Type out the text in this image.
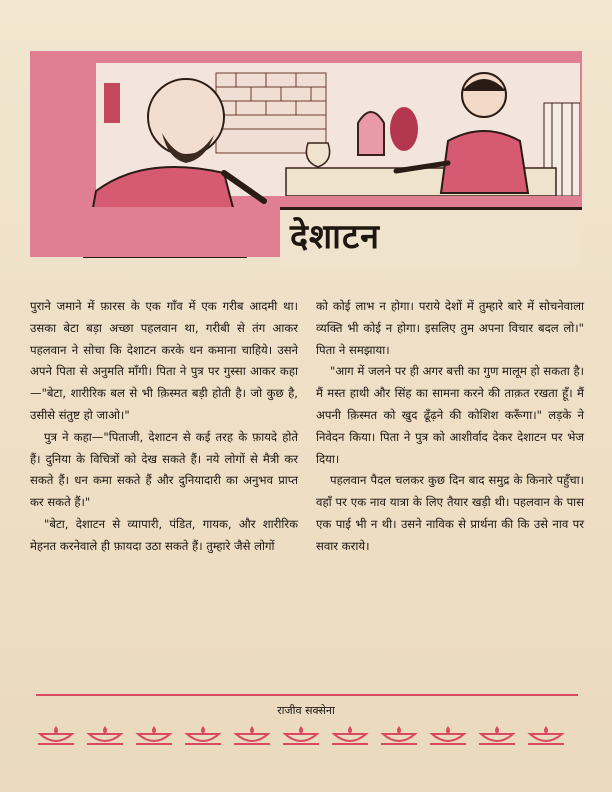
देशाटन

पुराने जमाने में फ़ारस के एक गाँव में एक गरीब आदमी था। उसका बेटा बड़ा अच्छा पहलवान था, गरीबी से तंग आकर पहलवान ने सोचा कि देशाटन करके धन कमाना चाहिये। उसने अपने पिता से अनुमति माँगी। पिता ने पुत्र पर गुस्सा आकर कहा—"बेटा, शारीरिक बल से भी क़िस्मत बड़ी होती है। जो कुछ है, उसीसे संतुष्ट हो जाओ।"

पुत्र ने कहा—"पिताजी, देशाटन से कई तरह के फ़ायदे होते हैं। दुनिया के विचित्रों को देख सकते हैं। नये लोगों से मैत्री कर सकते हैं। धन कमा सकते हैं और दुनियादारी का अनुभव प्राप्त कर सकते हैं।"

"बेटा, देशाटन से व्यापारी, पंडित, गायक, और शारीरिक मेहनत करनेवाले ही फ़ायदा उठा सकते हैं। तुम्हारे जैसे लोगों

को कोई लाभ न होगा। पराये देशों में तुम्हारे बारे में सोचनेवाला व्यक्ति भी कोई न होगा। इसलिए तुम अपना विचार बदल लो।" पिता ने समझाया।

"आग में जलने पर ही अगर बत्ती का गुण मालूम हो सकता है। मैं मस्त हाथी और सिंह का सामना करने की ताक़त रखता हूँ। मैं अपनी क़िस्मत को खुद ढूँढ़ने की कोशिश करूँगा।" लड़के ने निवेदन किया। पिता ने पुत्र को आशीर्वाद देकर देशाटन पर भेज दिया।

पहलवान पैदल चलकर कुछ दिन बाद समुद्र के किनारे पहुँचा। वहाँ पर एक नाव यात्रा के लिए तैयार खड़ी थी। पहलवान के पास एक पाई भी न थी। उसने नाविक से प्रार्थना की कि उसे नाव पर सवार कराये।

राजीव सक्सेना
